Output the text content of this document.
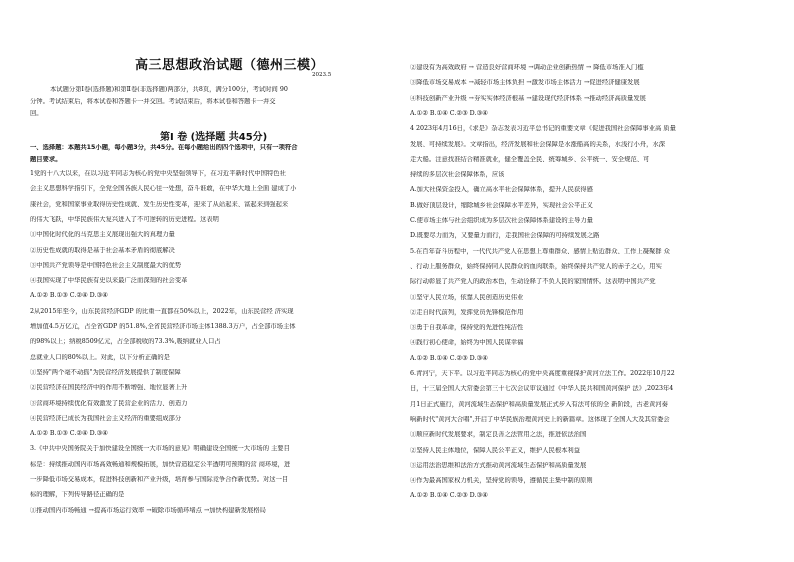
高三思想政治试题（德州三模）
2023.5
本试题分第Ⅰ卷(选择题)和第Ⅱ卷(非选择题)两部分，共8页，满分100分，考试时间 90
分钟。考试结束后，将本试卷和答题卡一并交回。考试结束后，将本试卷和答题卡一并交
回。
第Ⅰ 卷 (选择题 共45分)
一、选择题：本题共15小题，每小题3分，共45分。在每小题给出的四个选项中，只有一项符合
题目要求。
1党的十八大以来，在以习近平同志为核心的党中央坚强领导下，在习近平新时代中国特色社
会主义思想科学指引下，全党全国各族人民心往一处想，奋斗谁敢，在中华大地上全面 建成了小
康社会，党和国家事业取得历史性成就、发生历史性变革，迎来了从站起来、富起来到强起来
的伟大飞跃，中华民族伟大复兴进入了不可逆转的历史进程。这表明
①中国化时代化的马克思主义展现出强大的真理力量
②历史性成就的取得是基于社会基本矛盾的彻底解决
③中国共产党领导是中国特色社会主义制度最大的优势
④我国实现了中华民族有史以来最广泛而深刻的社会变革
A.①② B.①③ C.②④ D.③④
2从2015年至今，山东民营经济GDP 的比重一直都在50%以上，2022年，山东民营经 济实现
增加值4.5万亿元，占全省GDP 的51.8%,全省民营经济市场主体1388.3万户，占全部市场主体
的98%以上；纳税8509亿元，占全部税收的73.3%,吸纳就业人口占
总就业人口的80%以上。对此，以下分析正确的是
①坚持"两个毫不动摇"为民营经济发展提供了制度保障
②民营经济在国民经济中的作用不断增强、地位显著上升
③营商环境持续优化有效激发了民营企业的活力、创造力
④民营经济已成长为我国社会主义经济的重要组成部分
A.①② B.①③ C.②④ D.③④
3.《中共中央国务院关于加快建设全国统一大市场的意见》明确建设全国统一大市场的 主要目
标是：持续推动国内市场高效畅通和规模拓展，加快营造稳定公平透明可预期的营 商环境，进
一步降低市场交易成本，促进科技创新和产业升级，培育参与国际竞争合作新优势。对这一目
标的理解，下列传导路径正确的是
①推动国内市场畅通 →提高市场运行效率 →破除市场循环堵点 →加快构建新发展格局
②建设有为高效政府 → 营造良好营商环境 →调动企业创新热情 → 降低市场准入门槛
③降低市场交易成本 →减轻市场主体负担 →激发市场主体活力 →促进经济健康发展
④科技创新产业升级 →夯实实体经济根基 →建设现代经济体系 →推动经济高质量发展
A.①② B.①④ C.②③ D.③④
4 2023年4月16日，《求是》杂志发表习近平总书记的重要文章《促进我国社会保障事业高 质量
发展、可持续发展》。文章指出，经济发展和社会保障是水涨船高的关系，水浅行小舟，水深
走大船。注意找准结合精准就业，健全覆盖全民、统筹城乡、公平统一、安全规范、可
持续的多层次社会保障体系，应该
A.加大社保资金投入，确立高水平社会保障体系，提升人民获得感
B.做好顶层设计，缩除城乡社会保障水平差异，实现社会公平正义
C.使市场主体与社会组织成为多层次社会保障体系建设的主导力量
D.既要尽力而为，又要量力而行，走我国社会保障的可持续发展之路
5.在百年奋斗历程中，一代代共产党人在思想上尊重群众、感情上贴近群众、工作上凝聚群 众
、行动上服务群众，始终保持同人民群众的血肉联系，始终保持共产党人的赤子之心，用实
际行动彰显了共产党人的政治本色，生动诠释了不负人民的家国情怀。这表明中国共产党
①坚守人民立场，依靠人民创造历史伟业
②走自时代前列，发挥党员先锋模范作用
③勇于自我革命，保持党的先进性纯洁性
④践行初心使命，始终为中国人民谋幸福
A.①② B.①④ C.②③ D.③④
6.青河宁，天下平。以习近平同志为核心的党中央高度重视保护黄河立法工作。2022年10月22
日，十三届全国人大常委会第三十七次会议审议通过《中华人民共和国黄河保护 法》,2023年4
月1日正式施行，黄河流域生态保护和高质量发展正式步入有法可依的全 新阶段，古老黄河奏
响新时代"黄河大合唱",开启了中华民族治理黄河史上的新篇章。这体现了全国人大及其常委会
①顺应新时代发展要求，制定良善之法管用之法，推进依法治国
②坚持人民主体地位，保障人民公平正义，维护人民根本利益
③运用法治思维和法治方式推动黄河流域生态保护和高质量发展
④作为最高国家权力机关，坚持党的领导，遵循民主集中制的原则
A.①② B.①④ C.②③ D.③④
